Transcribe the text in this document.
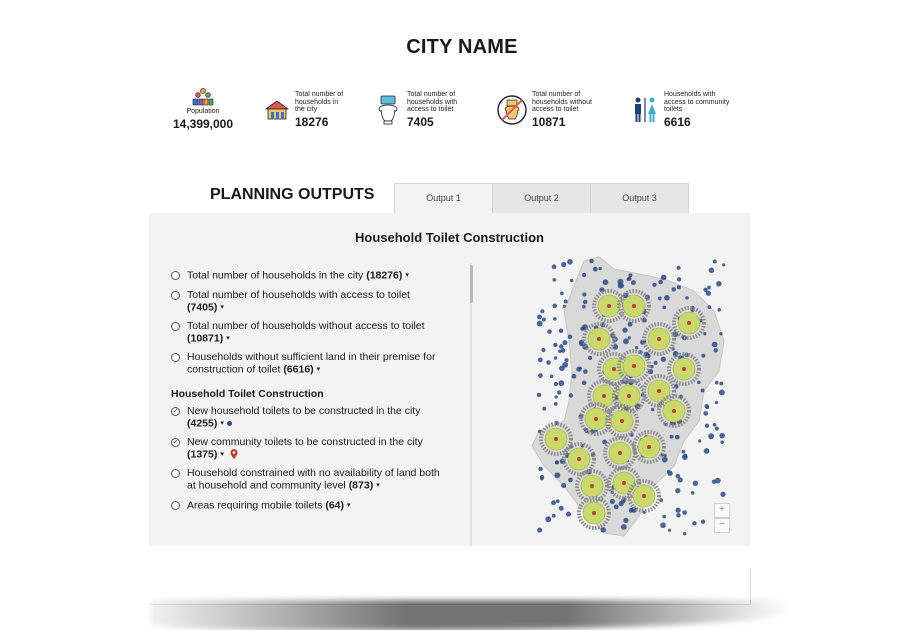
CITY NAME
Population
14,399,000
Total number of households in the city
18276
Total number of households with access to toilet
7405
Total number of households without access to toilet
10871
Households with access to community toilets
6616
PLANNING OUTPUTS	Output 1	Output 2	Output 3
Household Toilet Construction
Total number of households in the city (18276) ▾
Total number of households with access to toilet (7405) ▾
Total number of households without access to toilet (10871) ▾
Households without sufficient land in their premise for construction of toilet (6616) ▾
Household Toilet Construction
✓ New household toilets to be constructed in the city (4255) ▾
✓ New community toilets to be constructed in the city (1375) ▾
Household constrained with no availability of land both at household and community level (873) ▾
Areas requiring mobile toilets (64) ▾	+
−
